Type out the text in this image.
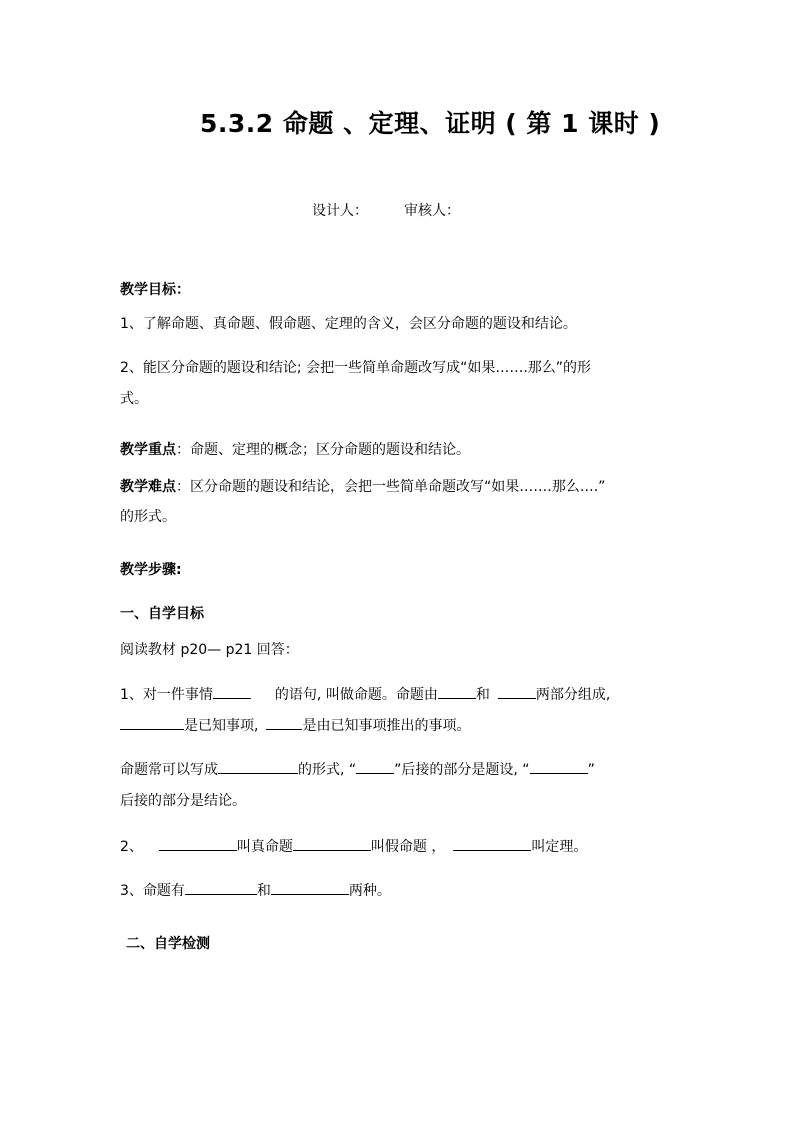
5.3.2 命题 、定理、证明 ( 第 1 课时 )
设计人：	审核人：
教学目标：
1、了解命题、真命题、假命题、定理的含义，会区分命题的题设和结论。
2、能区分命题的题设和结论; 会把一些简单命题改写成“如果…….那么”的形
式。
教学重点：命题、定理的概念；区分命题的题设和结论。
教学难点：区分命题的题设和结论，会把一些简单命题改写“如果…….那么….”
的形式。
教学步骤:
一、自学目标
阅读教材 p20— p21 回答：
1、对一件事情	的语句, 叫做命题。命题由	和	两部分组成,
是已知事项,	是由已知事项推出的事项。
命题常可以写成	的形式, “	”后接的部分是题设, “	”
后接的部分是结论。
2、	叫真命题	叫假命题 ，	叫定理。
3、命题有	和	两种。
二、自学检测
